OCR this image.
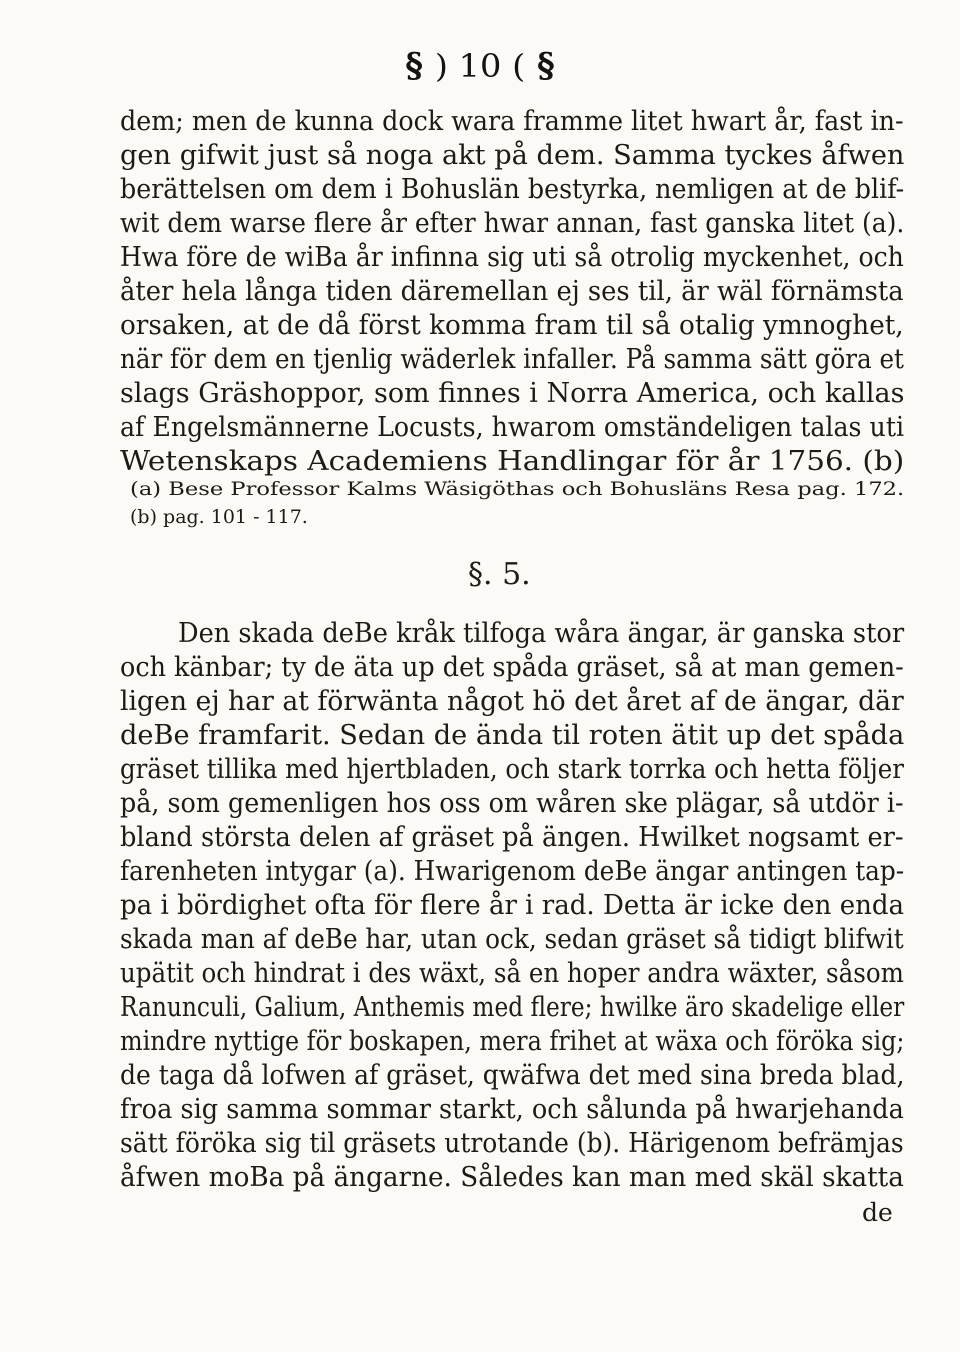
§ ) 10 ( §
dem; men de kunna dock wara framme litet hwart år, fast in-
gen gifwit just så noga akt på dem. Samma tyckes åfwen
berättelsen om dem i Bohuslän bestyrka, nemligen at de blif-
wit dem warse flere år efter hwar annan, fast ganska litet (a).
Hwa före de wiBa år infinna sig uti så otrolig myckenhet, och
åter hela långa tiden däremellan ej ses til, är wäl förnämsta
orsaken, at de då först komma fram til så otalig ymnoghet,
när för dem en tjenlig wäderlek infaller. På samma sätt göra et
slags Gräshoppor, som finnes i Norra America, och kallas
af Engelsmännerne Locusts, hwarom omständeligen talas uti
Wetenskaps Academiens Handlingar för år 1756. (b)
(a) Bese Professor Kalms Wäsigöthas och Bohusläns Resa pag. 172.
(b) pag. 101 - 117.
§. 5.
Den skada deBe kråk tilfoga wåra ängar, är ganska stor
och känbar; ty de äta up det spåda gräset, så at man gemen-
ligen ej har at förwänta något hö det året af de ängar, där
deBe framfarit. Sedan de ända til roten ätit up det spåda
gräset tillika med hjertbladen, och stark torrka och hetta följer
på, som gemenligen hos oss om wåren ske plägar, så utdör i-
bland största delen af gräset på ängen. Hwilket nogsamt er-
farenheten intygar (a). Hwarigenom deBe ängar antingen tap-
pa i bördighet ofta för flere år i rad. Detta är icke den enda
skada man af deBe har, utan ock, sedan gräset så tidigt blifwit
upätit och hindrat i des wäxt, så en hoper andra wäxter, såsom
Ranunculi, Galium, Anthemis med flere; hwilke äro skadelige eller
mindre nyttige för boskapen, mera frihet at wäxa och föröka sig;
de taga då lofwen af gräset, qwäfwa det med sina breda blad,
froa sig samma sommar starkt, och sålunda på hwarjehanda
sätt föröka sig til gräsets utrotande (b). Härigenom befrämjas
åfwen moBa på ängarne. Således kan man med skäl skatta
de
